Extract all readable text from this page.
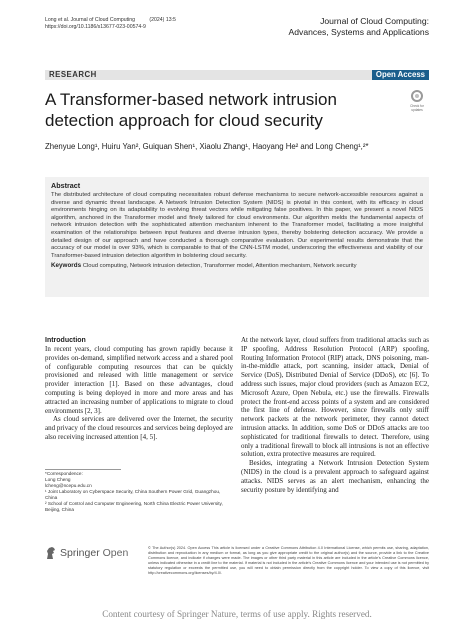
Long et al. Journal of Cloud Computing          (2024) 13:5
https://doi.org/10.1186/s13677-023-00574-9
Journal of Cloud Computing:
Advances, Systems and Applications
RESEARCH	Open Access
A Transformer-based network intrusion detection approach for cloud security
Check for updates
Zhenyue Long¹, Huiru Yan², Guiquan Shen¹, Xiaolu Zhang¹, Haoyang He² and Long Cheng¹,²*
Abstract

The distributed architecture of cloud computing necessitates robust defense mechanisms to secure network-accessible resources against a diverse and dynamic threat landscape. A Network Intrusion Detection System (NIDS) is pivotal in this context, with its efficacy in cloud environments hinging on its adaptability to evolving threat vectors while mitigating false positives. In this paper, we present a novel NIDS algorithm, anchored in the Transformer model and finely tailored for cloud environments. Our algorithm melds the fundamental aspects of network intrusion detection with the sophisticated attention mechanism inherent to the Transformer model, facilitating a more insightful examination of the relationships between input features and diverse intrusion types, thereby bolstering detection accuracy. We provide a detailed design of our approach and have conducted a thorough comparative evaluation. Our experimental results demonstrate that the accuracy of our model is over 93%, which is comparable to that of the CNN-LSTM model, underscoring the effectiveness and viability of our Transformer-based intrusion detection algorithm in bolstering cloud security.

Keywords Cloud computing, Network intrusion detection, Transformer model, Attention mechanism, Network security

Introduction

In recent years, cloud computing has grown rapidly because it provides on-demand, simplified network access and a shared pool of configurable computing resources that can be quickly provisioned and released with little management or service provider interaction [1]. Based on these advantages, cloud computing is being deployed in more and more areas and has attracted an increasing number of applications to migrate to cloud environments [2, 3].

As cloud services are delivered over the Internet, the security and privacy of the cloud resources and services being deployed are also receiving increased attention [4, 5].

At the network layer, cloud suffers from traditional attacks such as IP spoofing, Address Resolution Protocol (ARP) spoofing, Routing Information Protocol (RIP) attack, DNS poisoning, man-in-the-middle attack, port scanning, insider attack, Denial of Service (DoS), Distributed Denial of Service (DDoS), etc [6]. To address such issues, major cloud providers (such as Amazon EC2, Microsoft Azure, Open Nebula, etc.) use the firewalls. Firewalls protect the front-end access points of a system and are considered the first line of defense. However, since firewalls only sniff network packets at the network perimeter, they cannot detect intrusion attacks. In addition, some DoS or DDoS attacks are too sophisticated for traditional firewalls to detect. Therefore, using only a traditional firewall to block all intrusions is not an effective solution, extra protective measures are required.

Besides, integrating a Network Intrusion Detection System (NIDS) in the cloud is a prevalent approach to safeguard against attacks. NIDS serves as an alert mechanism, enhancing the security posture by identifying and

*Correspondence:
Long Cheng
lcheng@ncepu.edu.cn
¹ Joint Laboratory on Cyberspace Security, China Southern Power Grid, Guangzhou, China
² School of Control and Computer Engineering, North China Electric Power University, Beijing, China
Springer Open	© The Author(s) 2024. Open Access This article is licensed under a Creative Commons Attribution 4.0 International License, which permits use, sharing, adaptation, distribution and reproduction in any medium or format, as long as you give appropriate credit to the original author(s) and the source, provide a link to the Creative Commons licence, and indicate if changes were made. The images or other third party material in this article are included in the article's Creative Commons licence, unless indicated otherwise in a credit line to the material. If material is not included in the article's Creative Commons licence and your intended use is not permitted by statutory regulation or exceeds the permitted use, you will need to obtain permission directly from the copyright holder. To view a copy of this licence, visit http://creativecommons.org/licenses/by/4.0/.

Content courtesy of Springer Nature, terms of use apply. Rights reserved.
